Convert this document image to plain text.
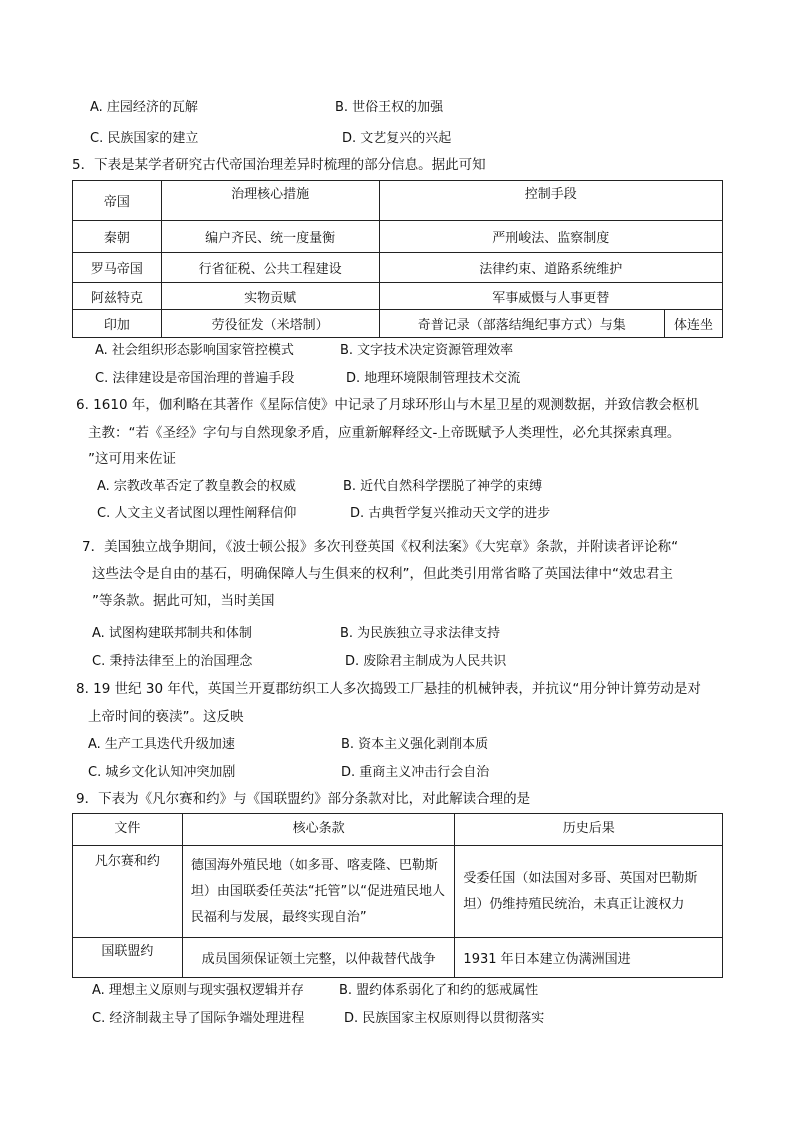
A. 庄园经济的瓦解	B. 世俗王权的加强
C. 民族国家的建立	D. 文艺复兴的兴起
5．下表是某学者研究古代帝国治理差异时梳理的部分信息。据此可知
帝国	治理核心措施	控制手段	
秦朝	编户齐民、统一度量衡	严刑峻法、监察制度	
罗马帝国	行省征税、公共工程建设	法律约束、道路系统维护	
阿兹特克	实物贡赋	军事威慑与人事更替	
印加	劳役征发（米塔制）	奇普记录（部落结绳纪事方式）与集	体连坐
A. 社会组织形态影响国家管控模式	B. 文字技术决定资源管理效率
C. 法律建设是帝国治理的普遍手段	D. 地理环境限制管理技术交流
6. 1610 年，伽利略在其著作《星际信使》中记录了月球环形山与木星卫星的观测数据，并致信教会枢机
主教：“若《圣经》字句与自然现象矛盾，应重新解释经文-上帝既赋予人类理性，必允其探索真理。
”这可用来佐证
A. 宗教改革否定了教皇教会的权威	B. 近代自然科学摆脱了神学的束缚
C. 人文主义者试图以理性阐释信仰	D. 古典哲学复兴推动天文学的进步
7．美国独立战争期间，《波士顿公报》多次刊登英国《权利法案》《大宪章》条款，并附读者评论称“
这些法令是自由的基石，明确保障人与生俱来的权利”，但此类引用常省略了英国法律中“效忠君主
”等条款。据此可知，当时美国
A. 试图构建联邦制共和体制	B. 为民族独立寻求法律支持
C. 秉持法律至上的治国理念	D. 废除君主制成为人民共识
8. 19 世纪 30 年代，英国兰开夏郡纺织工人多次捣毁工厂悬挂的机械钟表，并抗议“用分钟计算劳动是对
上帝时间的亵渎”。这反映
A. 生产工具迭代升级加速	B. 资本主义强化剥削本质
C. 城乡文化认知冲突加剧	D. 重商主义冲击行会自治
9．下表为《凡尔赛和约》与《国联盟约》部分条款对比，对此解读合理的是
文件	核心条款	历史后果
凡尔赛和约	德国海外殖民地（如多哥、喀麦隆、巴勒斯坦）由国联委任英法“托管”以“促进殖民地人民福利与发展，最终实现自治”	受委任国（如法国对多哥、英国对巴勒斯坦）仍维持殖民统治，未真正让渡权力
国联盟约	成员国须保证领土完整，以仲裁替代战争	1931 年日本建立伪满洲国进
A. 理想主义原则与现实强权逻辑并存	B. 盟约体系弱化了和约的惩戒属性
C. 经济制裁主导了国际争端处理进程	D. 民族国家主权原则得以贯彻落实
